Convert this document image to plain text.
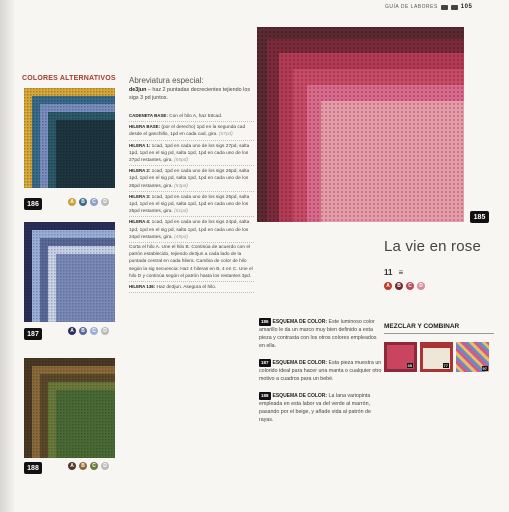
GUÍA DE LABORES	105
COLORES ALTERNATIVOS
186	A	B	C	D
187	A	B	C	D
188	A	B	C	D
Abreviatura especial:
de3jun – haz 2 puntadas decrecientes tejiendo los sigs 3 pd juntos.
CADENETA BASE: Con el hilo A, haz 58cad.
HILERA BASE: (por el derecho) 1pd en la segunda cad desde el ganchillo, 1pd en cada cad, gira. (57pd)
HILERA 1: 1cad, 1pd en cada uno de los sigs 27pd, salta 1pd, 1pd en el sig pd, salta 1pd, 1pd en cada uno de los 27pd restantes, gira. (55pd)
HILERA 2: 1cad, 1pd en cada uno de los sigs 26pd, salta 1pd, 1pd en el sig pd, salta 1pd, 1pd en cada uno de los 26pd restantes, gira. (53pd)
HILERA 3: 1cad, 1pd en cada uno de los sigs 25pd, salta 1pd, 1pd en el sig pd, salta 1pd, 1pd en cada uno de los 25pd restantes, gira. (51pd)
HILERA 4: 1cad, 1pd en cada uno de los sigs 24pd, salta 1pd, 1pd en el sig pd, salta 1pd, 1pd en cada uno de los 24pd restantes, gira. (49pd)
Corta el hilo A. Une el hilo B. Continúa de acuerdo con el patrón establecido, tejiendo de3jun a cada lado de la puntada central en cada hilera. Cambia de color de hilo según la sig secuencia: Haz 4 hileras en B, 4 en C. Une el hilo D y continúa según el patrón hasta los restantes 3pd.
HILERA 136: Haz de3jun. Asegura el hilo.
185
La vie en rose
11 ≡
A	B	C	D
186 ESQUEMA DE COLOR: Este luminoso color amarillo le da un marco muy bien definido a esta pieza y contrasta con los otros colores empleados en ella.
187 ESQUEMA DE COLOR: Esta pieza muestra un colorido ideal para hacer una manta o cualquier otro motivo a cuadros para un bebé.
188 ESQUEMA DE COLOR: La lana variopinta empleada en esta labor va del verde al marrón, pasando por el beige, y añade vida al patrón de rayas.
MEZCLAR Y COMBINAR
35	77
97
